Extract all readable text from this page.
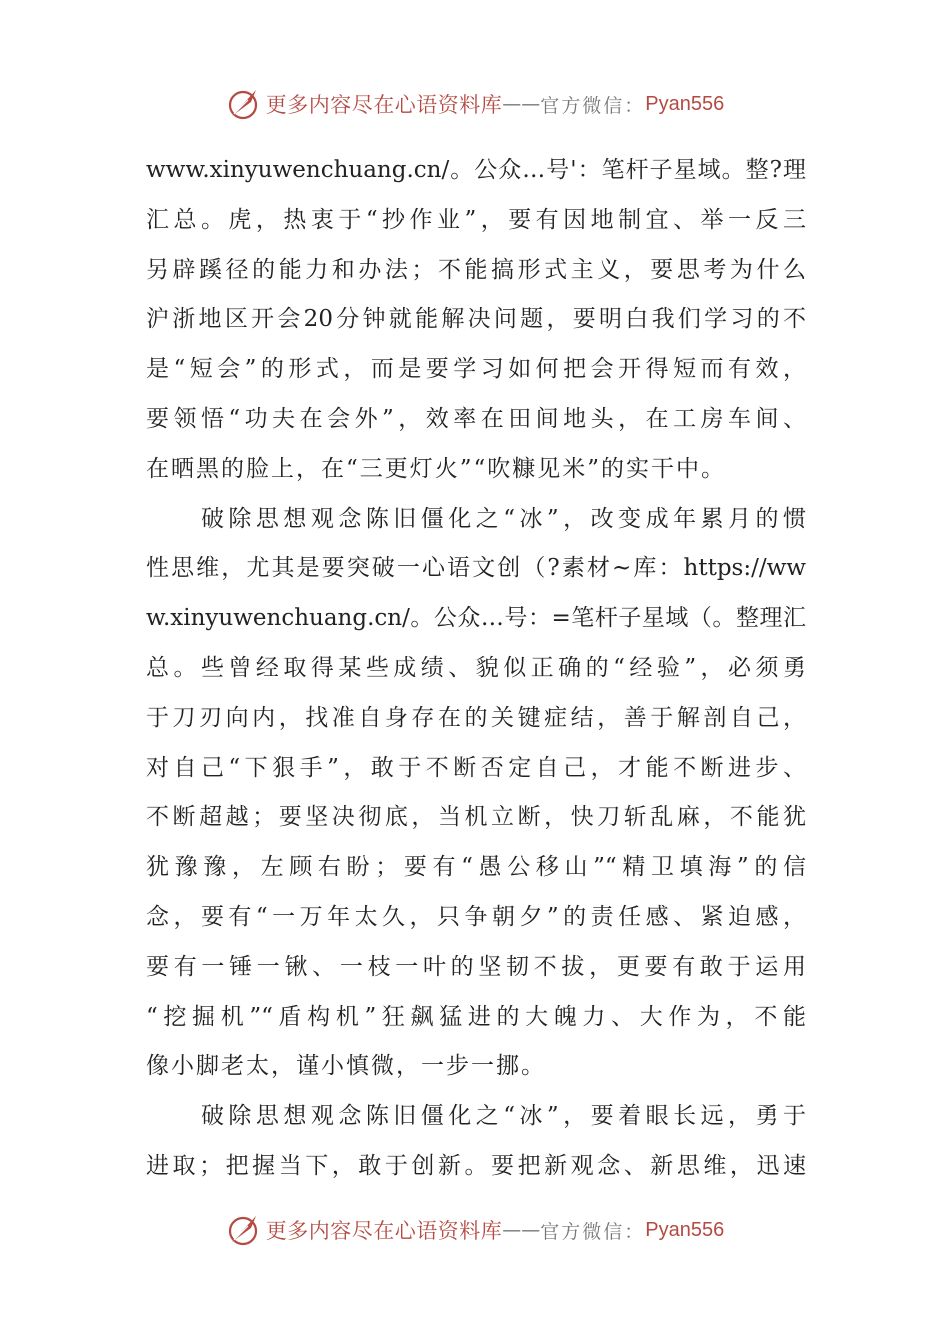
更多内容尽在心语资料库 —— 官方微信： Pyan556
www.xinyuwenchuang.cn/。公众…号'：笔杆子星域。整?理
汇总。虎，热衷于“抄作业”，要有因地制宜、举一反三
另辟蹊径的能力和办法；不能搞形式主义，要思考为什么
沪浙地区开会20分钟就能解决问题，要明白我们学习的不
是“短会”的形式，而是要学习如何把会开得短而有效，
要领悟“功夫在会外”，效率在田间地头，在工房车间、
在晒黑的脸上，在“三更灯火”“吹糠见米”的实干中。
　　破除思想观念陈旧僵化之“冰”，改变成年累月的惯
性思维，尤其是要突破一心语文创（?素材~库：https://ww
w.xinyuwenchuang.cn/。公众…号：=笔杆子星域（。整理汇
总。些曾经取得某些成绩、貌似正确的“经验”，必须勇
于刀刃向内，找准自身存在的关键症结，善于解剖自己，
对自己“下狠手”，敢于不断否定自己，才能不断进步、
不断超越；要坚决彻底，当机立断，快刀斩乱麻，不能犹
犹豫豫，左顾右盼；要有“愚公移山”“精卫填海”的信
念，要有“一万年太久，只争朝夕”的责任感、紧迫感，
要有一锤一锹、一枝一叶的坚韧不拔，更要有敢于运用
“挖掘机”“盾构机”狂飙猛进的大魄力、大作为，不能
像小脚老太，谨小慎微，一步一挪。
　　破除思想观念陈旧僵化之“冰”，要着眼长远，勇于
进取；把握当下，敢于创新。要把新观念、新思维，迅速
更多内容尽在心语资料库 —— 官方微信： Pyan556
